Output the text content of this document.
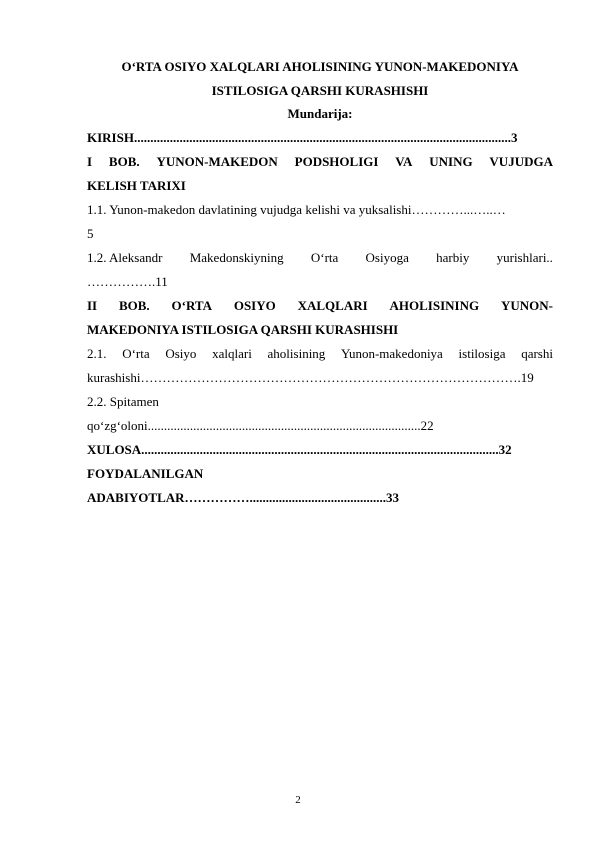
O‘RTA OSIYO XALQLARI AHOLISINING YUNON-MAKEDONIYA
ISTILOSIGA QARSHI KURASHISHI
Mundarija:
KIRISH....................................................................................................................3
I BOB. YUNON-MAKEDON PODSHOLIGI VA UNING VUJUDGA
KELISH TARIXI
1.1. Yunon-makedon davlatining vujudga kelishi va yuksalishi…………...…..…
5
1.2. Aleksandr Makedonskiyning O‘rta Osiyoga harbiy yurishlari..
…………….11
II BOB. O‘RTA OSIYO XALQLARI AHOLISINING YUNON-
MAKEDONIYA ISTILOSIGA QARSHI KURASHISHI
2.1. O‘rta Osiyo xalqlari aholisining Yunon-makedoniya istilosiga qarshi
kurashishi…………………………………………………………………………….19
2.2. Spitamen
qo‘zg‘oloni....................................................................................22
XULOSA..............................................................................................................32
FOYDALANILGAN
ADABIYOTLAR……………..........................................33
2
